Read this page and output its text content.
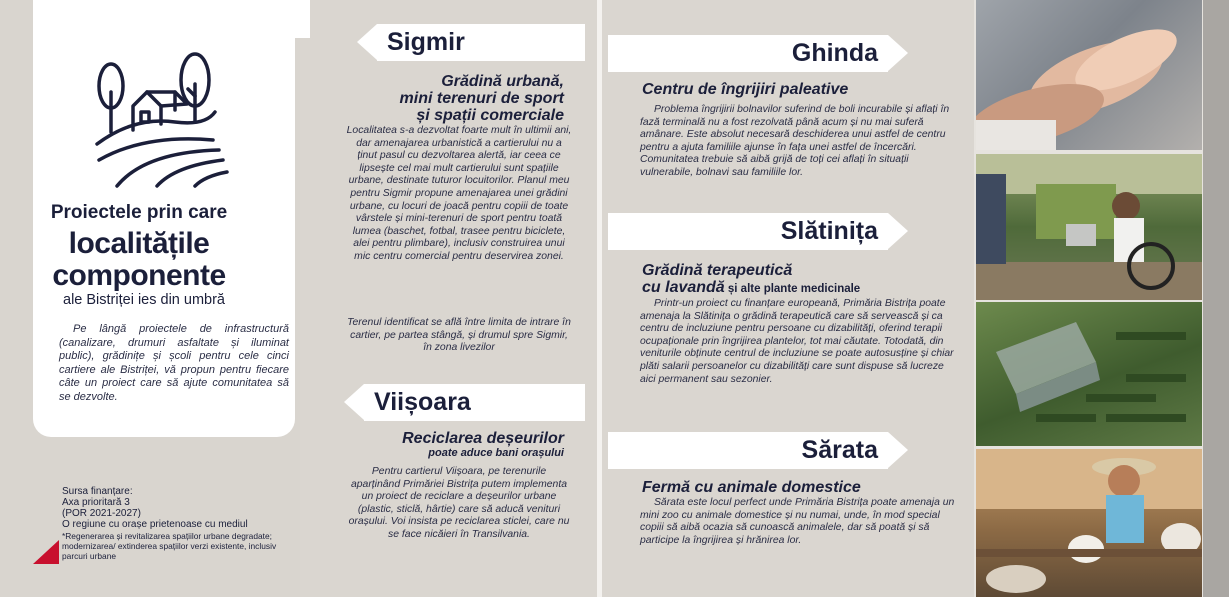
Proiectele prin care
localitățile
componente
ale Bistriței ies din umbră
Pe lângă proiectele de infrastructură (canalizare, drumuri asfaltate și iluminat public), grădinițe și școli pentru cele cinci cartiere ale Bistriței, vă propun pentru fiecare câte un proiect care să ajute comunitatea să se dezvolte.
Sursa finanțare:
Axa prioritară 3
(POR 2021-2027)
O regiune cu orașe prietenoase cu mediul
*Regenerarea și revitalizarea spațiilor urbane degradate; modernizarea/ extinderea spațiilor verzi existente, inclusiv parcuri urbane
Sigmir
Grădină urbană,
mini terenuri de sport
și spații comerciale
Localitatea s-a dezvoltat foarte mult în ultimii ani, dar amenajarea urbanistică a cartierului nu a ținut pasul cu dezvoltarea alertă, iar ceea ce lipsește cel mai mult cartierului sunt spațiile urbane, destinate tuturor locuitorilor. Planul meu pentru Sigmir propune amenajarea unei grădini urbane, cu locuri de joacă pentru copiii de toate vârstele și mini-terenuri de sport pentru toată lumea (baschet, fotbal, trasee pentru biciclete, alei pentru plimbare), inclusiv construirea unui mic centru comercial pentru deservirea zonei.
Terenul identificat se află între limita de intrare în cartier, pe partea stângă, și drumul spre Sigmir, în zona livezilor
Viișoara
Reciclarea deșeurilor
poate aduce bani orașului
Pentru cartierul Viișoara, pe terenurile aparținând Primăriei Bistrița putem implementa un proiect de reciclare a deșeurilor urbane (plastic, sticlă, hârtie) care să aducă venituri orașului. Voi insista pe reciclarea sticlei, care nu se face nicăieri în Transilvania.
Ghinda
Centru de îngrijiri paleative
Problema îngrijirii bolnavilor suferind de boli incurabile și aflați în fază terminală nu a fost rezolvată până acum și nu mai suferă amânare. Este absolut necesară deschiderea unui astfel de centru pentru a ajuta familiile ajunse în fața unei astfel de încercări. Comunitatea trebuie să aibă grijă de toți cei aflați în situații vulnerabile, bolnavi sau familiile lor.
Slătinița
Grădină terapeutică
cu lavandă și alte plante medicinale
Printr-un proiect cu finanțare europeană, Primăria Bistrița poate amenaja la Slătinița o grădină terapeutică care să servească și ca centru de incluziune pentru persoane cu dizabilități, oferind terapii ocupaționale prin îngrijirea plantelor, tot mai căutate. Totodată, din veniturile obținute centrul de incluziune se poate autosusține și chiar plăti salarii persoanelor cu dizabilități care sunt dispuse să lucreze aici permanent sau sezonier.
Sărata
Fermă cu animale domestice
Sărata este locul perfect unde Primăria Bistrița poate amenaja un mini zoo cu animale domestice și nu numai, unde, în mod special copiii să aibă ocazia să cunoască animalele, dar să poată și să participe la îngrijirea și hrănirea lor.
